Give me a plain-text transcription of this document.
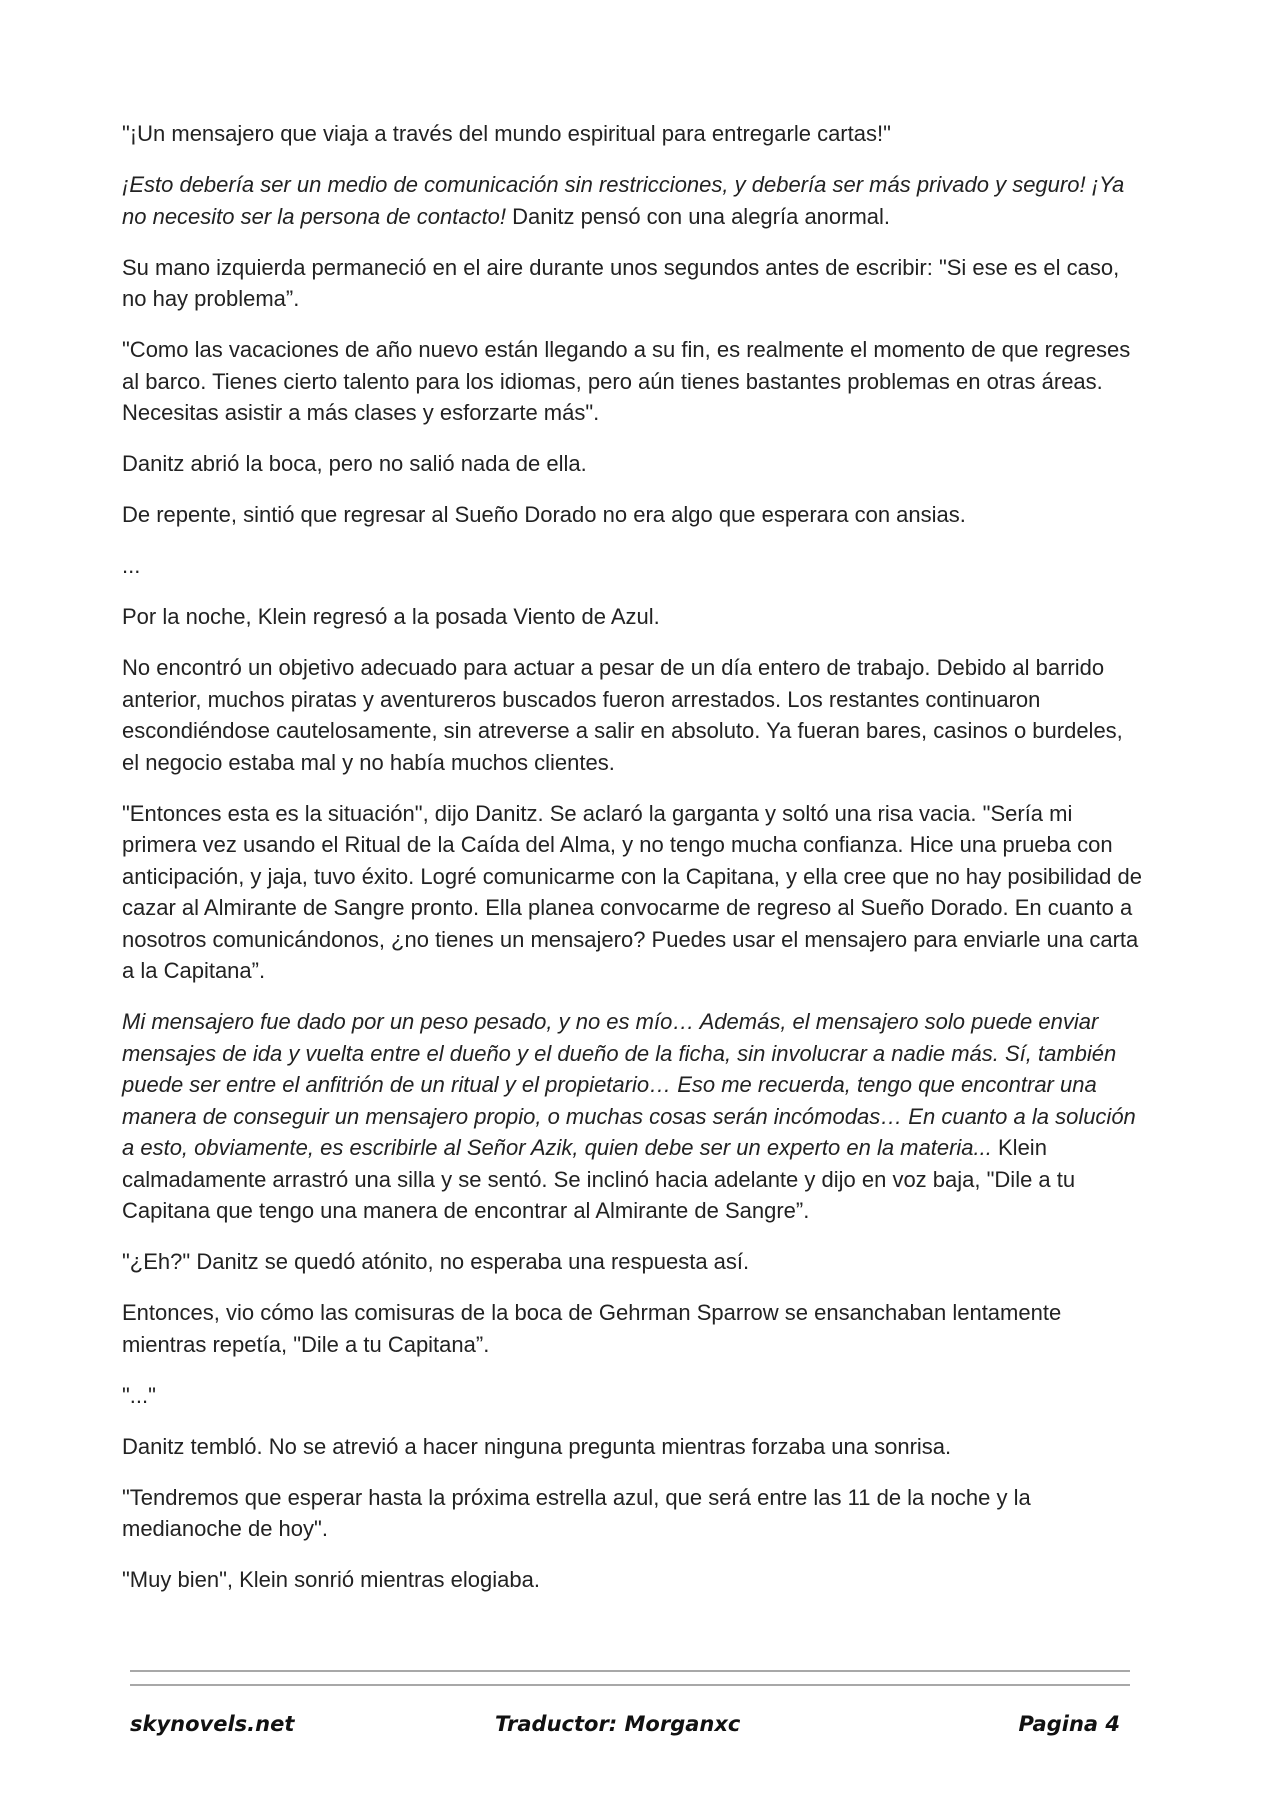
"¡Un mensajero que viaja a través del mundo espiritual para entregarle cartas!"

¡Esto debería ser un medio de comunicación sin restricciones, y debería ser más privado y seguro! ¡Ya no necesito ser la persona de contacto! Danitz pensó con una alegría anormal.

Su mano izquierda permaneció en el aire durante unos segundos antes de escribir: "Si ese es el caso, no hay problema”.

"Como las vacaciones de año nuevo están llegando a su fin, es realmente el momento de que regreses al barco. Tienes cierto talento para los idiomas, pero aún tienes bastantes problemas en otras áreas. Necesitas asistir a más clases y esforzarte más".

Danitz abrió la boca, pero no salió nada de ella.

De repente, sintió que regresar al Sueño Dorado no era algo que esperara con ansias.

...

Por la noche, Klein regresó a la posada Viento de Azul.

No encontró un objetivo adecuado para actuar a pesar de un día entero de trabajo. Debido al barrido anterior, muchos piratas y aventureros buscados fueron arrestados. Los restantes continuaron escondiéndose cautelosamente, sin atreverse a salir en absoluto. Ya fueran bares, casinos o burdeles, el negocio estaba mal y no había muchos clientes.

"Entonces esta es la situación", dijo Danitz. Se aclaró la garganta y soltó una risa vacia. "Sería mi primera vez usando el Ritual de la Caída del Alma, y no tengo mucha confianza. Hice una prueba con anticipación, y jaja, tuvo éxito. Logré comunicarme con la Capitana, y ella cree que no hay posibilidad de cazar al Almirante de Sangre pronto. Ella planea convocarme de regreso al Sueño Dorado. En cuanto a nosotros comunicándonos, ¿no tienes un mensajero? Puedes usar el mensajero para enviarle una carta a la Capitana”.

Mi mensajero fue dado por un peso pesado, y no es mío… Además, el mensajero solo puede enviar mensajes de ida y vuelta entre el dueño y el dueño de la ficha, sin involucrar a nadie más. Sí, también puede ser entre el anfitrión de un ritual y el propietario… Eso me recuerda, tengo que encontrar una manera de conseguir un mensajero propio, o muchas cosas serán incómodas… En cuanto a la solución a esto, obviamente, es escribirle al Señor Azik, quien debe ser un experto en la materia... Klein calmadamente arrastró una silla y se sentó. Se inclinó hacia adelante y dijo en voz baja, "Dile a tu Capitana que tengo una manera de encontrar al Almirante de Sangre”.

"¿Eh?" Danitz se quedó atónito, no esperaba una respuesta así.

Entonces, vio cómo las comisuras de la boca de Gehrman Sparrow se ensanchaban lentamente mientras repetía, "Dile a tu Capitana”.

"..."

Danitz tembló. No se atrevió a hacer ninguna pregunta mientras forzaba una sonrisa.

"Tendremos que esperar hasta la próxima estrella azul, que será entre las 11 de la noche y la medianoche de hoy".

"Muy bien", Klein sonrió mientras elogiaba.

skynovels.net	Traductor: Morganxc	Pagina 4
